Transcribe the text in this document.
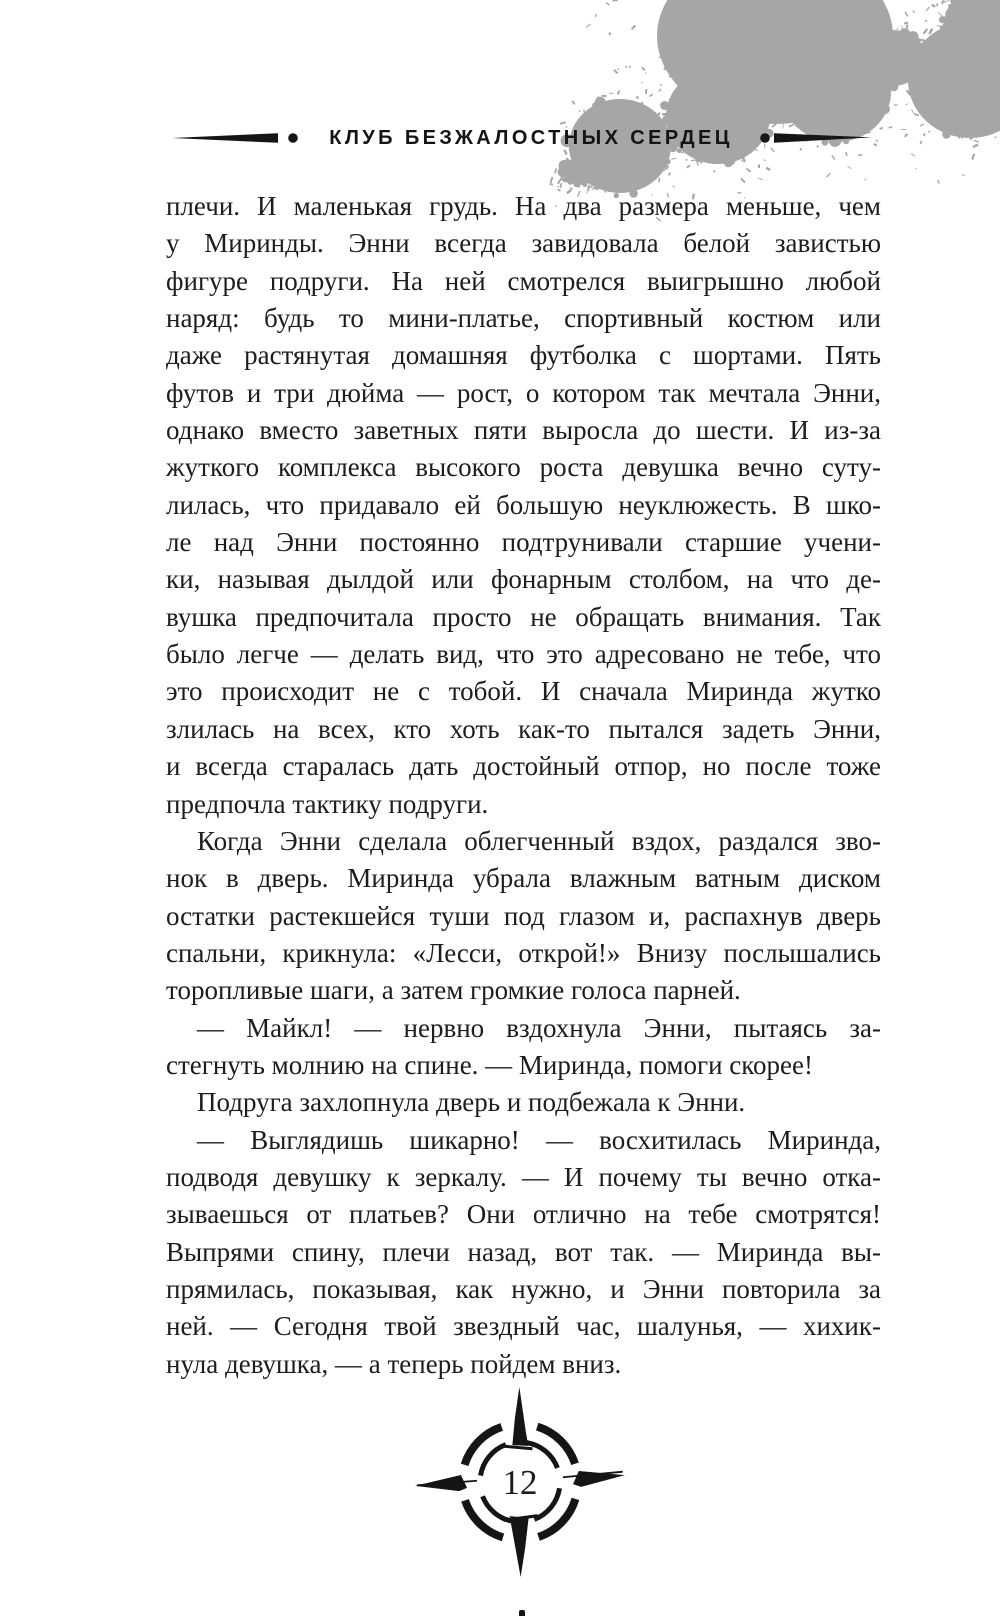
КЛУБ БЕЗЖАЛОСТНЫХ СЕРДЕЦ
плечи. И маленькая грудь. На два размера меньше, чем
у Миринды. Энни всегда завидовала белой завистью
фигуре подруги. На ней смотрелся выигрышно любой
наряд: будь то мини-платье, спортивный костюм или
даже растянутая домашняя футболка с шортами. Пять
футов и три дюйма — рост, о котором так мечтала Энни,
однако вместо заветных пяти выросла до шести. И из-за
жуткого комплекса высокого роста девушка вечно суту-
лилась, что придавало ей большую неуклюжесть. В шко-
ле над Энни постоянно подтрунивали старшие учени-
ки, называя дылдой или фонарным столбом, на что де-
вушка предпочитала просто не обращать внимания. Так
было легче — делать вид, что это адресовано не тебе, что
это происходит не с тобой. И сначала Миринда жутко
злилась на всех, кто хоть как-то пытался задеть Энни,
и всегда старалась дать достойный отпор, но после тоже
предпочла тактику подруги.
Когда Энни сделала облегченный вздох, раздался зво-
нок в дверь. Миринда убрала влажным ватным диском
остатки растекшейся туши под глазом и, распахнув дверь
спальни, крикнула: «Лесси, открой!» Внизу послышались
торопливые шаги, а затем громкие голоса парней.
— Майкл! — нервно вздохнула Энни, пытаясь за-
стегнуть молнию на спине. — Миринда, помоги скорее!
Подруга захлопнула дверь и подбежала к Энни.
— Выглядишь шикарно! — восхитилась Миринда,
подводя девушку к зеркалу. — И почему ты вечно отка-
зываешься от платьев? Они отлично на тебе смотрятся!
Выпрями спину, плечи назад, вот так. — Миринда вы-
прямилась, показывая, как нужно, и Энни повторила за
ней. — Сегодня твой звездный час, шалунья, — хихик-
нула девушка, — а теперь пойдем вниз.
12
